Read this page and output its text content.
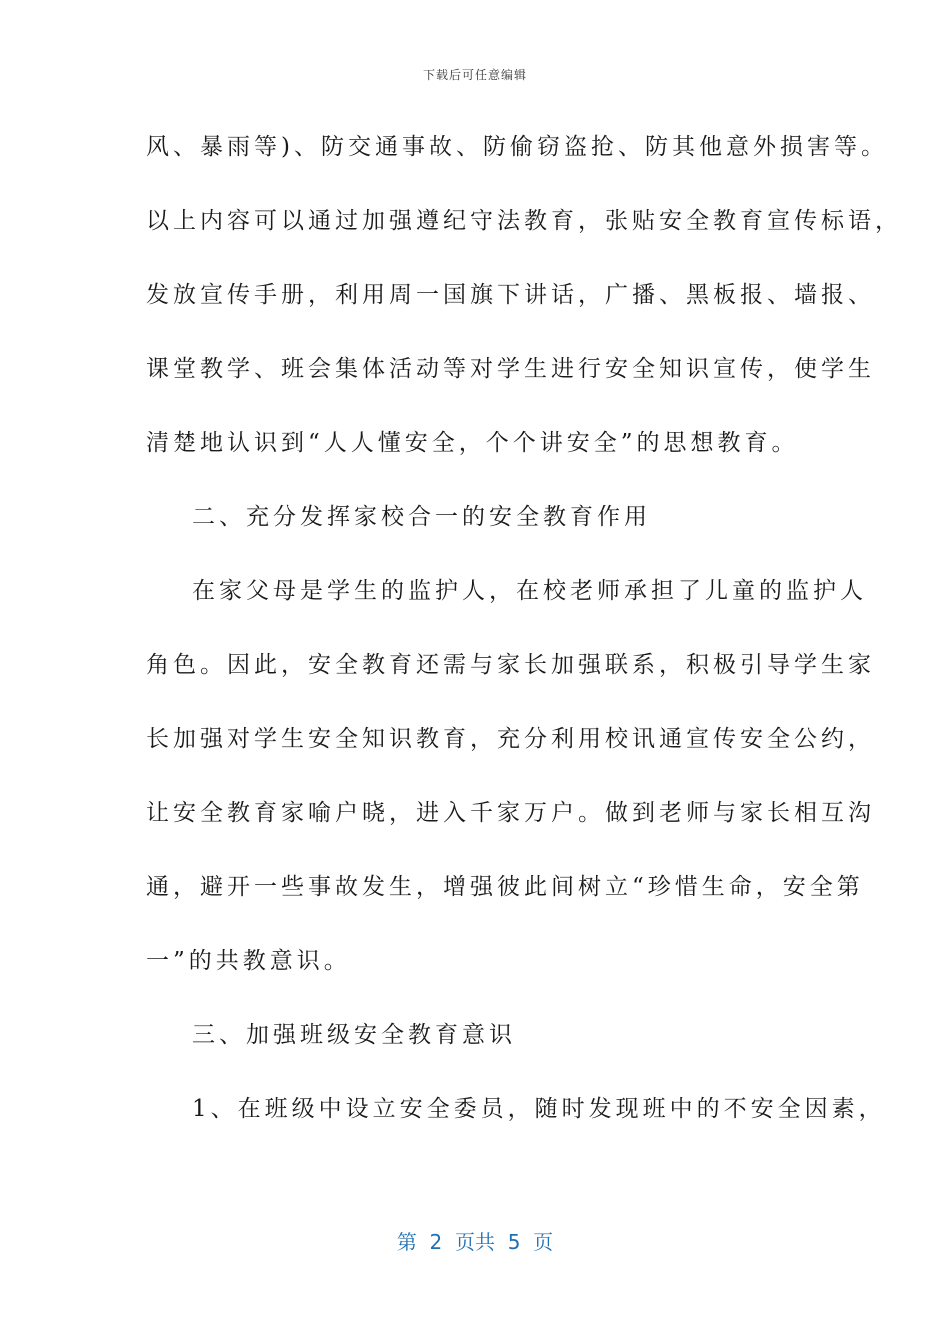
下载后可任意编辑
风、暴雨等)、防交通事故、防偷窃盗抢、防其他意外损害等。
以上内容可以通过加强遵纪守法教育，张贴安全教育宣传标语，
发放宣传手册，利用周一国旗下讲话，广播、黑板报、墙报、
课堂教学、班会集体活动等对学生进行安全知识宣传，使学生
清楚地认识到“人人懂安全，个个讲安全”的思想教育。
二、充分发挥家校合一的安全教育作用
在家父母是学生的监护人，在校老师承担了儿童的监护人
角色。因此，安全教育还需与家长加强联系，积极引导学生家
长加强对学生安全知识教育，充分利用校讯通宣传安全公约，
让安全教育家喻户晓，进入千家万户。做到老师与家长相互沟
通，避开一些事故发生，增强彼此间树立“珍惜生命，安全第
一”的共教意识。
三、加强班级安全教育意识
1、在班级中设立安全委员，随时发现班中的不安全因素，
第  2  页共  5  页
